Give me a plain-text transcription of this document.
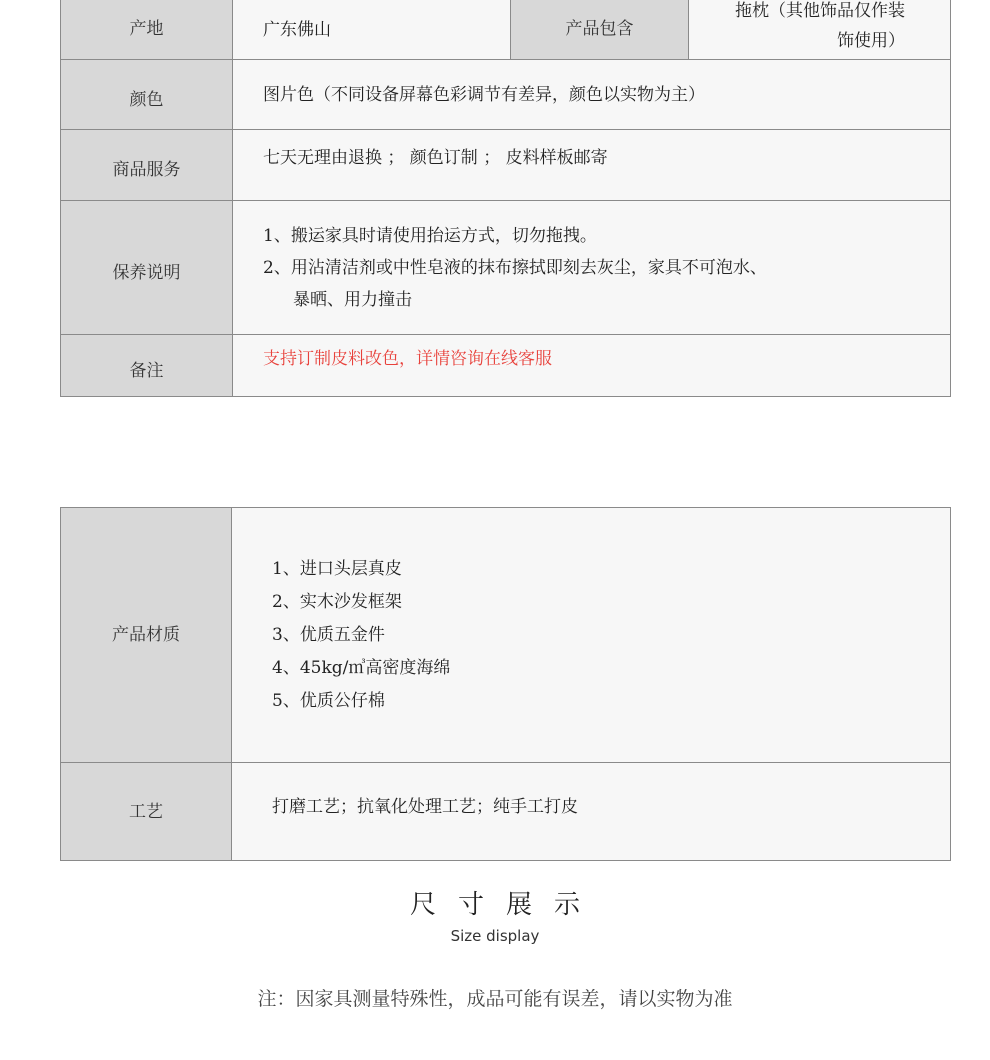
产地	广东佛山	产品包含	拖枕（其他饰品仅作装
饰使用）

颜色	图片色（不同设备屏幕色彩调节有差异，颜色以实物为主）		
商品服务	七天无理由退换 ； 颜色订制 ； 皮料样板邮寄		
保养说明	1、搬运家具时请使用抬运方式，切勿拖拽。
2、用沾清洁剂或中性皂液的抹布擦拭即刻去灰尘，家具不可泡水、
暴晒、用力撞击		

备注	支持订制皮料改色，详情咨询在线客服		
产品材质	1、进口头层真皮
2、实木沙发框架
3、优质五金件
4、45kg/㎥高密度海绵
5、优质公仔棉

工艺	打磨工艺；抗氧化处理工艺；纯手工打皮
尺寸展示
Size display
注：因家具测量特殊性，成品可能有误差，请以实物为准
